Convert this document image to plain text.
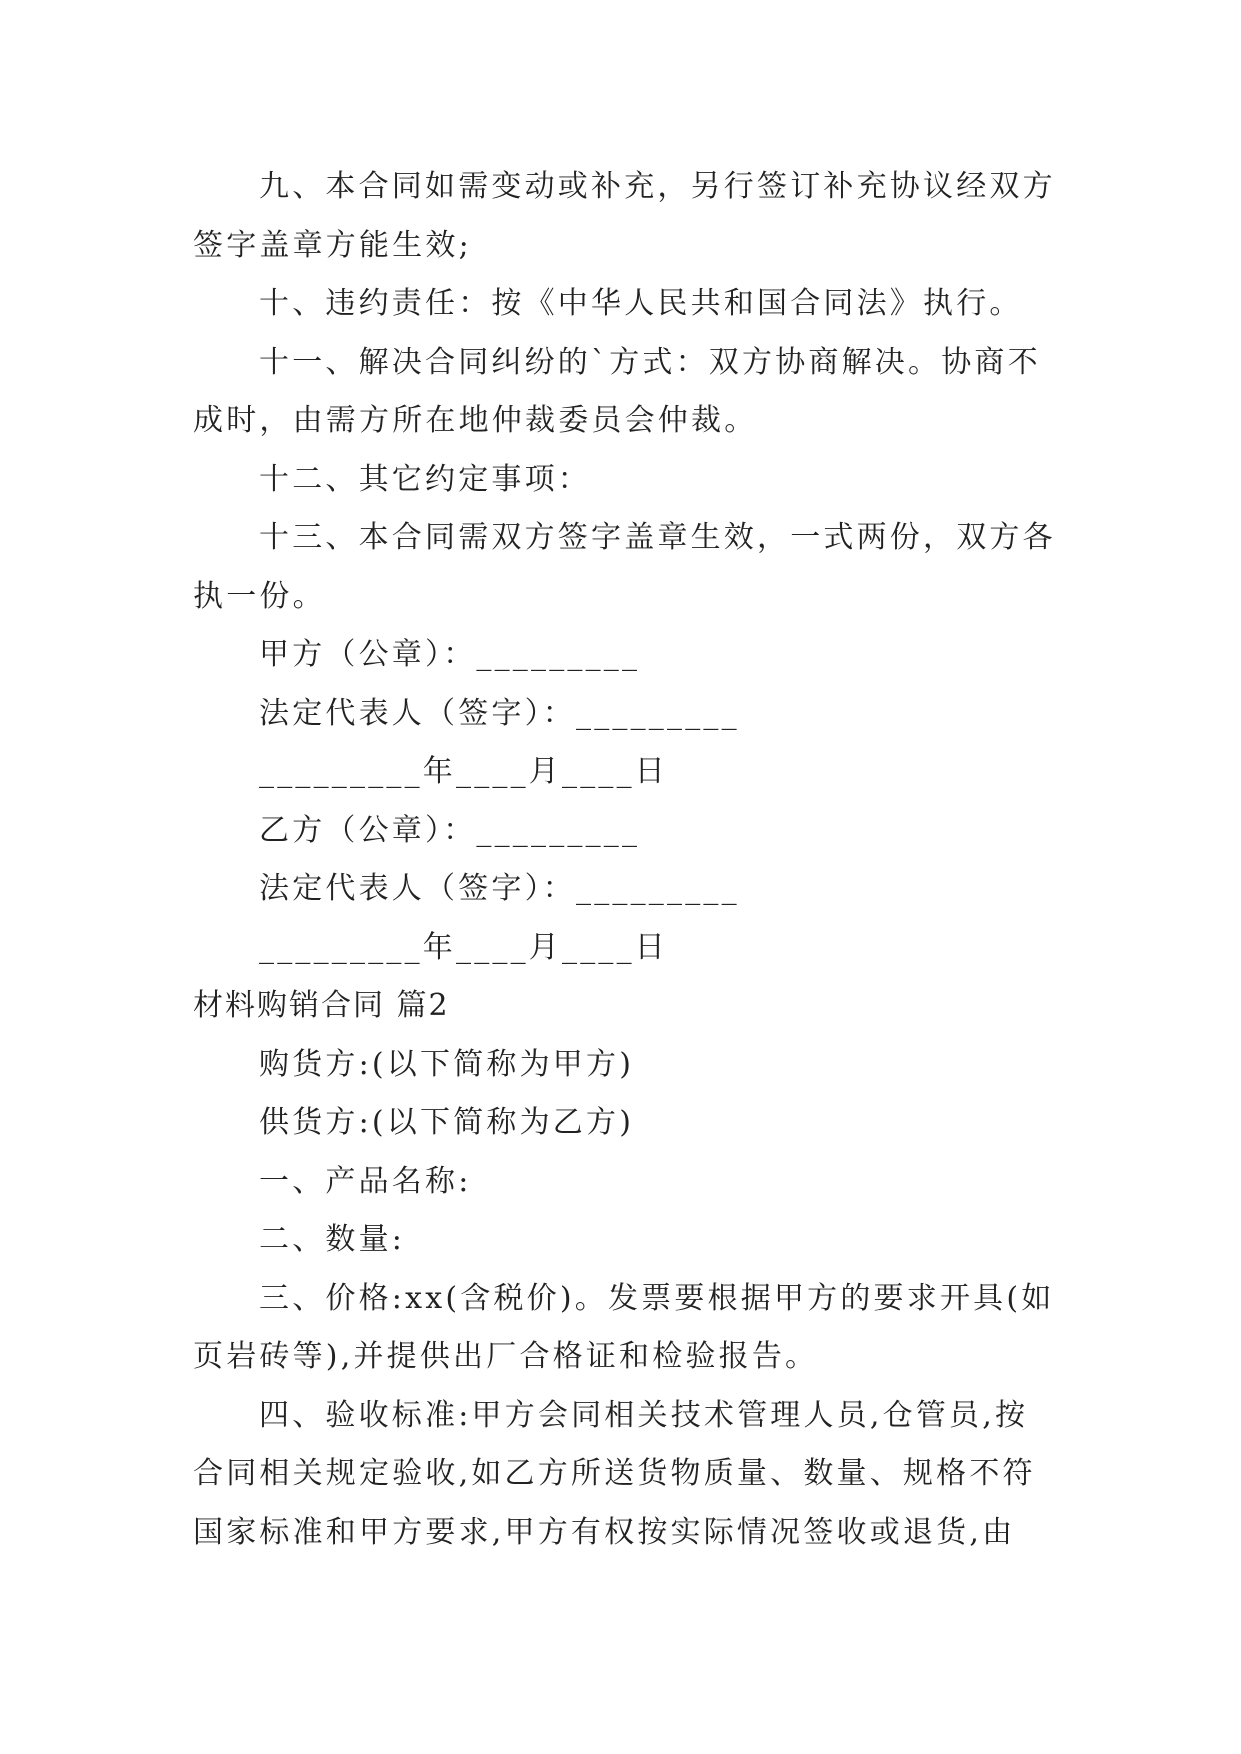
九、本合同如需变动或补充，另行签订补充协议经双方
签字盖章方能生效;
十、违约责任：按《中华人民共和国合同法》执行。
十一、解决合同纠纷的`方式：双方协商解决。协商不
成时，由需方所在地仲裁委员会仲裁。
十二、其它约定事项：
十三、本合同需双方签字盖章生效，一式两份，双方各
执一份。
甲方（公章）：_________
法定代表人（签字）：_________
_________年____月____日
乙方（公章）：_________
法定代表人（签字）：_________
_________年____月____日
材料购销合同 篇2
购货方:(以下简称为甲方)
供货方:(以下简称为乙方)
一、产品名称:
二、数量:
三、价格:xx(含税价)。发票要根据甲方的要求开具(如
页岩砖等),并提供出厂合格证和检验报告。
四、验收标准:甲方会同相关技术管理人员,仓管员,按
合同相关规定验收,如乙方所送货物质量、数量、规格不符
国家标准和甲方要求,甲方有权按实际情况签收或退货,由
